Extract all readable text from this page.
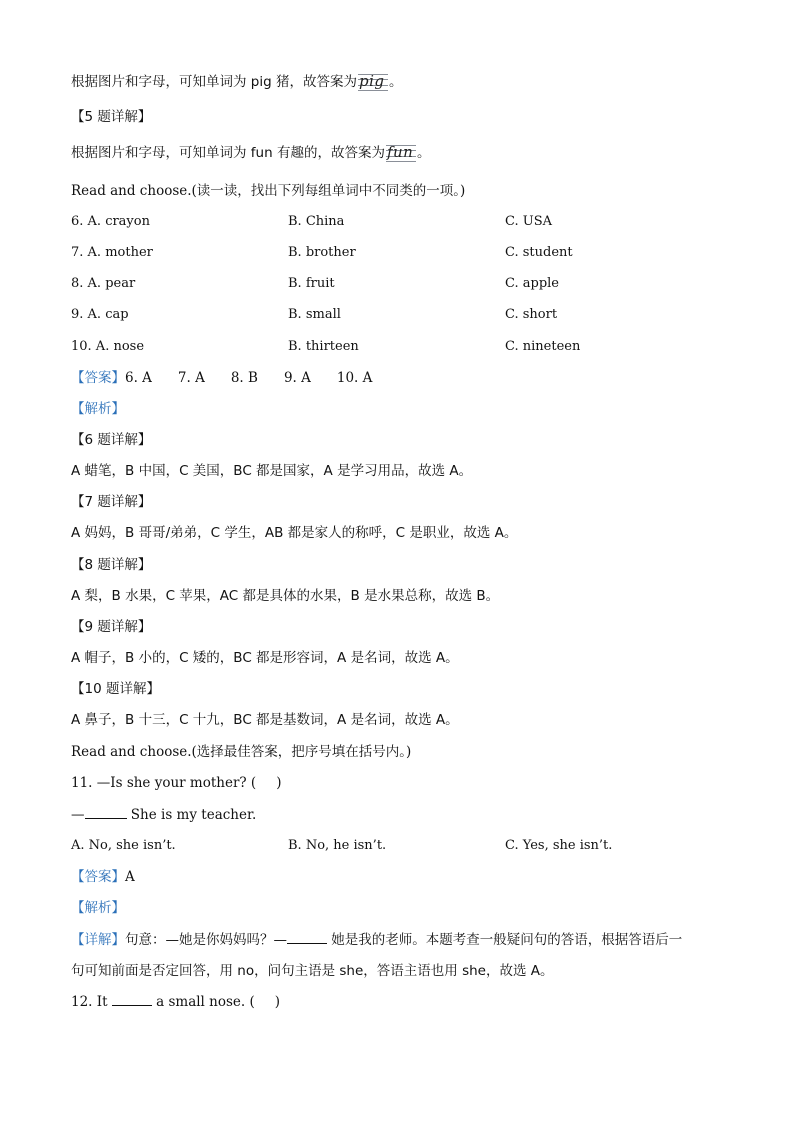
根据图片和字母，可知单词为 pig 猪，故答案为 pig 。
【5 题详解】
根据图片和字母，可知单词为 fun 有趣的，故答案为 fun 。
Read and choose.(读一读，找出下列每组单词中不同类的一项。)
6. A. crayon	B. China	C. USA
7. A. mother	B. brother	C. student
8. A. pear	B. fruit	C. apple
9. A. cap	B. small	C. short
10. A. nose	B. thirteen	C. nineteen
【答案】6. A 7. A 8. B 9. A 10. A
【解析】
【6 题详解】
A 蜡笔，B 中国，C 美国，BC 都是国家，A 是学习用品，故选 A。
【7 题详解】
A 妈妈，B 哥哥/弟弟，C 学生，AB 都是家人的称呼，C 是职业，故选 A。
【8 题详解】
A 梨，B 水果，C 苹果，AC 都是具体的水果，B 是水果总称，故选 B。
【9 题详解】
A 帽子，B 小的，C 矮的，BC 都是形容词，A 是名词，故选 A。
【10 题详解】
A 鼻子，B 十三，C 十九，BC 都是基数词，A 是名词，故选 A。
Read and choose.(选择最佳答案，把序号填在括号内。)
11. —Is she your mother? ( )
—	She is my teacher.
A. No, she isn’t.	B. No, he isn’t.	C. Yes, she isn’t.
【答案】A
【解析】
【详解】句意：—她是你妈妈吗？—	她是我的老师。本题考查一般疑问句的答语，根据答语后一
句可知前面是否定回答，用 no，问句主语是 she，答语主语也用 she，故选 A。
12. It	a small nose. ( )
